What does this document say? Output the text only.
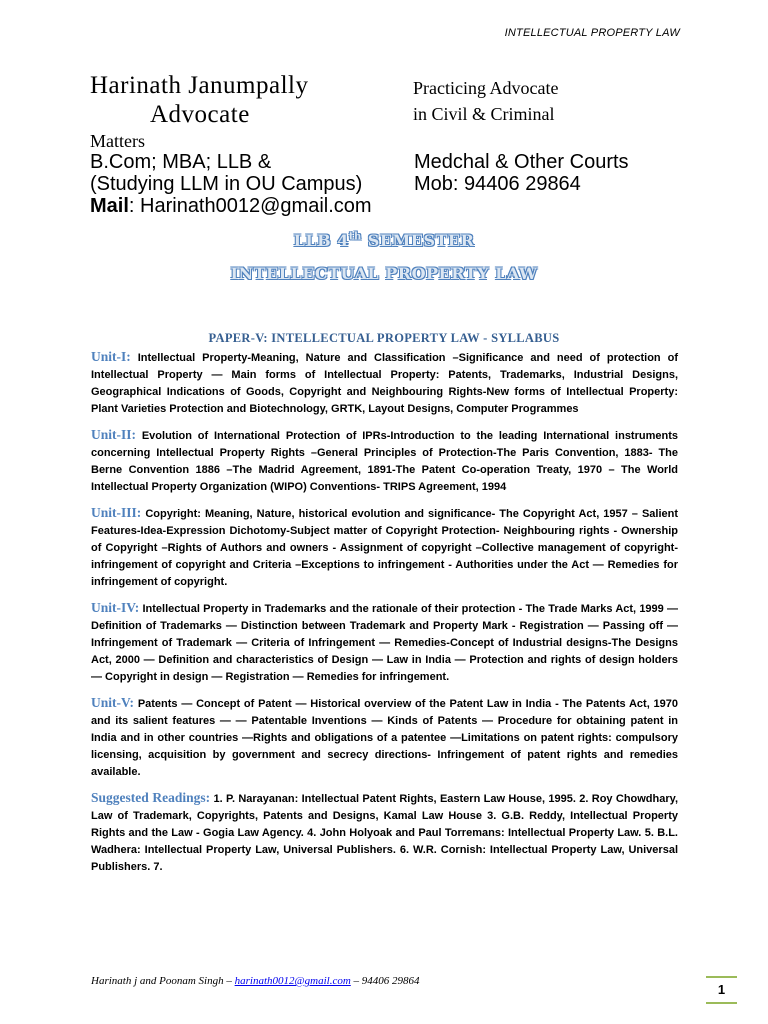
INTELLECTUAL PROPERTY LAW
Harinath Janumpally	Practicing Advocate
Advocate	in Civil & Criminal
Matters
B.Com; MBA; LLB &	Medchal & Other Courts
(Studying LLM in OU Campus)	Mob: 94406 29864
Mail: Harinath0012@gmail.com
LLB 4th SEMESTER
INTELLECTUAL PROPERTY LAW
PAPER-V: INTELLECTUAL PROPERTY LAW - SYLLABUS

Unit-I: Intellectual Property-Meaning, Nature and Classification –Significance and need of protection of Intellectual Property — Main forms of Intellectual Property: Patents, Trademarks, Industrial Designs, Geographical Indications of Goods, Copyright and Neighbouring Rights-New forms of Intellectual Property: Plant Varieties Protection and Biotechnology, GRTK, Layout Designs, Computer Programmes

Unit-II: Evolution of International Protection of IPRs-Introduction to the leading International instruments concerning Intellectual Property Rights –General Principles of Protection-The Paris Convention, 1883- The Berne Convention 1886 –The Madrid Agreement, 1891-The Patent Co-operation Treaty, 1970 – The World Intellectual Property Organization (WIPO) Conventions- TRIPS Agreement, 1994

Unit-III: Copyright: Meaning, Nature, historical evolution and significance- The Copyright Act, 1957 – Salient Features-Idea-Expression Dichotomy-Subject matter of Copyright Protection- Neighbouring rights - Ownership of Copyright –Rights of Authors and owners - Assignment of copyright –Collective management of copyright- infringement of copyright and Criteria –Exceptions to infringement - Authorities under the Act — Remedies for infringement of copyright.

Unit-IV: Intellectual Property in Trademarks and the rationale of their protection - The Trade Marks Act, 1999 — Definition of Trademarks — Distinction between Trademark and Property Mark - Registration — Passing off — Infringement of Trademark — Criteria of Infringement — Remedies-Concept of Industrial designs-The Designs Act, 2000 — Definition and characteristics of Design — Law in India — Protection and rights of design holders — Copyright in design — Registration — Remedies for infringement.

Unit-V: Patents — Concept of Patent — Historical overview of the Patent Law in India - The Patents Act, 1970 and its salient features — — Patentable Inventions — Kinds of Patents — Procedure for obtaining patent in India and in other countries —Rights and obligations of a patentee —Limitations on patent rights: compulsory licensing, acquisition by government and secrecy directions- Infringement of patent rights and remedies available.

Suggested Readings: 1. P. Narayanan: Intellectual Patent Rights, Eastern Law House, 1995. 2. Roy Chowdhary, Law of Trademark, Copyrights, Patents and Designs, Kamal Law House 3. G.B. Reddy, Intellectual Property Rights and the Law - Gogia Law Agency. 4. John Holyoak and Paul Torremans: Intellectual Property Law. 5. B.L. Wadhera: Intellectual Property Law, Universal Publishers. 6. W.R. Cornish: Intellectual Property Law, Universal Publishers. 7.

Harinath j and Poonam Singh – harinath0012@gmail.com – 94406 29864
1
